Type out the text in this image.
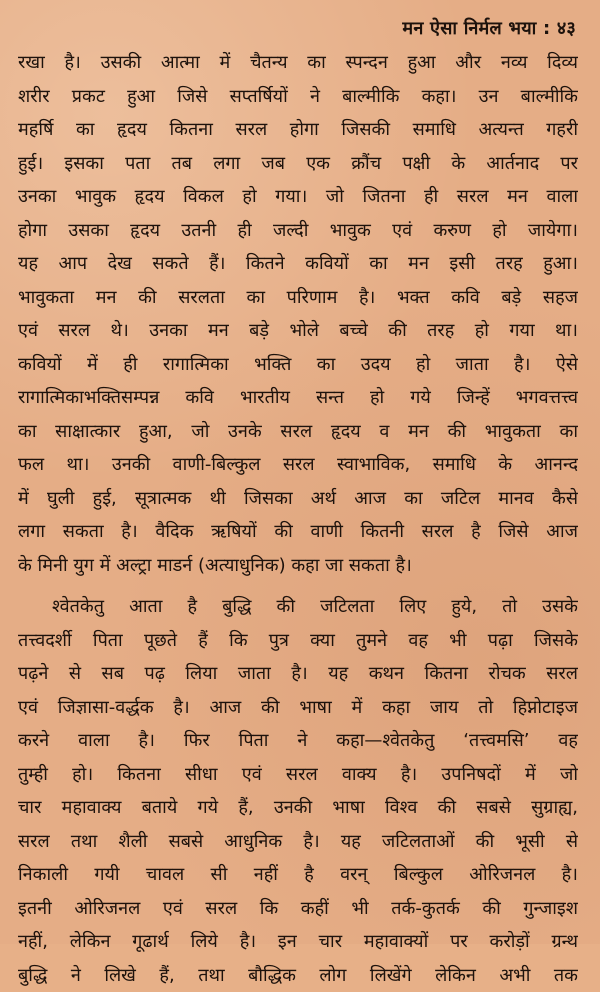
मन ऐसा निर्मल भया : ४३
रखा है। उसकी आत्मा में चैतन्य का स्पन्दन हुआ और नव्य दिव्य
शरीर प्रकट हुआ जिसे सप्तर्षियों ने बाल्मीकि कहा। उन बाल्मीकि
महर्षि का हृदय कितना सरल होगा जिसकी समाधि अत्यन्त गहरी
हुई। इसका पता तब लगा जब एक क्रौंच पक्षी के आर्तनाद पर
उनका भावुक हृदय विकल हो गया। जो जितना ही सरल मन वाला
होगा उसका हृदय उतनी ही जल्दी भावुक एवं करुण हो जायेगा।
यह आप देख सकते हैं। कितने कवियों का मन इसी तरह हुआ।
भावुकता मन की सरलता का परिणाम है। भक्त कवि बड़े सहज
एवं सरल थे। उनका मन बड़े भोले बच्चे की तरह हो गया था।
कवियों में ही रागात्मिका भक्ति का उदय हो जाता है। ऐसे
रागात्मिकाभक्तिसम्पन्न कवि भारतीय सन्त हो गये जिन्हें भगवत्तत्त्व
का साक्षात्कार हुआ, जो उनके सरल हृदय व मन की भावुकता का
फल था। उनकी वाणी-बिल्कुल सरल स्वाभाविक, समाधि के आनन्द
में घुली हुई, सूत्रात्मक थी जिसका अर्थ आज का जटिल मानव कैसे
लगा सकता है। वैदिक ऋषियों की वाणी कितनी सरल है जिसे आज
के मिनी युग में अल्ट्रा माडर्न (अत्याधुनिक) कहा जा सकता है।
श्वेतकेतु आता है बुद्धि की जटिलता लिए हुये, तो उसके
तत्त्वदर्शी पिता पूछते हैं कि पुत्र क्या तुमने वह भी पढ़ा जिसके
पढ़ने से सब पढ़ लिया जाता है। यह कथन कितना रोचक सरल
एवं जिज्ञासा-वर्द्धक है। आज की भाषा में कहा जाय तो हिप्नोटाइज
करने वाला है। फिर पिता ने कहा—श्वेतकेतु ‘तत्त्वमसि’ वह
तुम्ही हो। कितना सीधा एवं सरल वाक्य है। उपनिषदों में जो
चार महावाक्य बताये गये हैं, उनकी भाषा विश्व की सबसे सुग्राह्य,
सरल तथा शैली सबसे आधुनिक है। यह जटिलताओं की भूसी से
निकाली गयी चावल सी नहीं है वरन् बिल्कुल ओरिजनल है।
इतनी ओरिजनल एवं सरल कि कहीं भी तर्क-कुतर्क की गुन्जाइश
नहीं, लेकिन गूढार्थ लिये है। इन चार महावाक्यों पर करोड़ों ग्रन्थ
बुद्धि ने लिखे हैं, तथा बौद्धिक लोग लिखेंगे लेकिन अभी तक
